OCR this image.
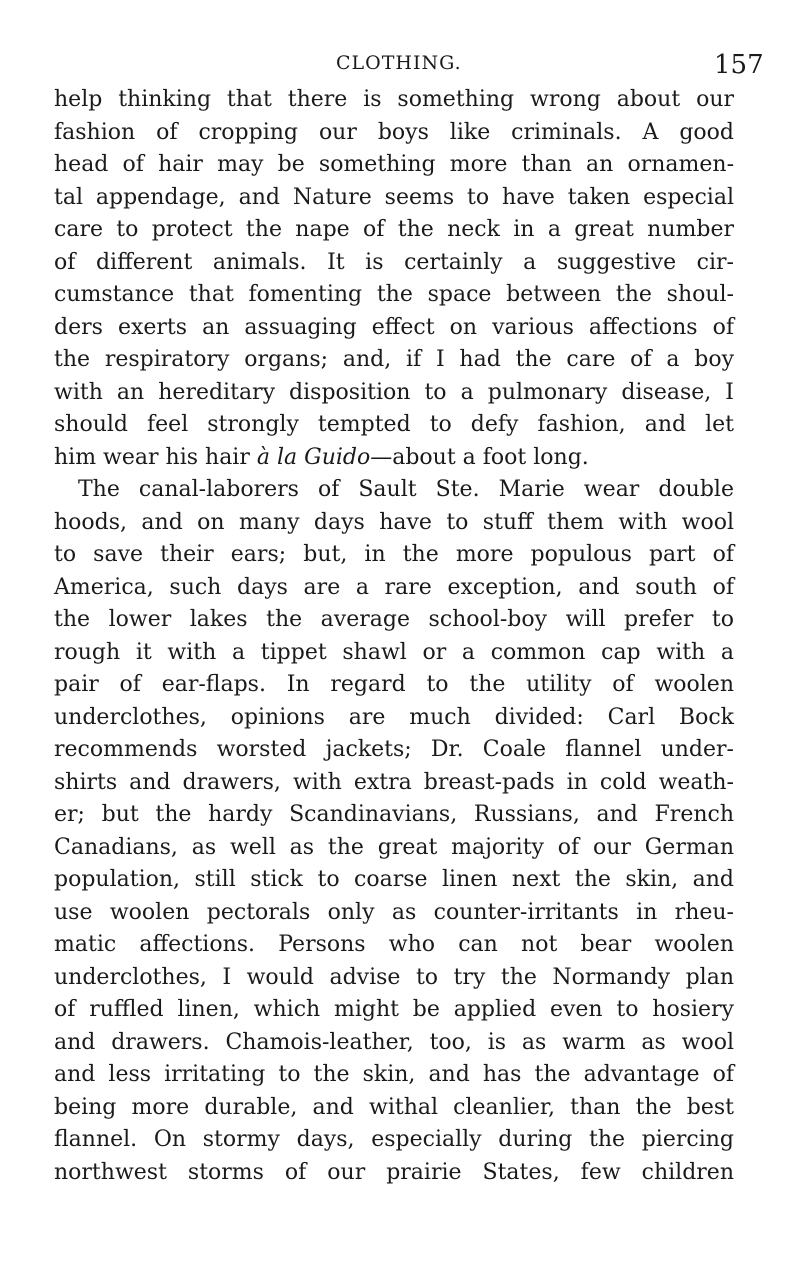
CLOTHING.	157
help thinking that there is something wrong about our
fashion of cropping our boys like criminals. A good
head of hair may be something more than an ornamen-
tal appendage, and Nature seems to have taken especial
care to protect the nape of the neck in a great number
of different animals. It is certainly a suggestive cir-
cumstance that fomenting the space between the shoul-
ders exerts an assuaging effect on various affections of
the respiratory organs; and, if I had the care of a boy
with an hereditary disposition to a pulmonary disease, I
should feel strongly tempted to defy fashion, and let
him wear his hair à la Guido—about a foot long.
The canal-laborers of Sault Ste. Marie wear double
hoods, and on many days have to stuff them with wool
to save their ears; but, in the more populous part of
America, such days are a rare exception, and south of
the lower lakes the average school-boy will prefer to
rough it with a tippet shawl or a common cap with a
pair of ear-flaps. In regard to the utility of woolen
underclothes, opinions are much divided: Carl Bock
recommends worsted jackets; Dr. Coale flannel under-
shirts and drawers, with extra breast-pads in cold weath-
er; but the hardy Scandinavians, Russians, and French
Canadians, as well as the great majority of our German
population, still stick to coarse linen next the skin, and
use woolen pectorals only as counter-irritants in rheu-
matic affections. Persons who can not bear woolen
underclothes, I would advise to try the Normandy plan
of ruffled linen, which might be applied even to hosiery
and drawers. Chamois-leather, too, is as warm as wool
and less irritating to the skin, and has the advantage of
being more durable, and withal cleanlier, than the best
flannel. On stormy days, especially during the piercing
northwest storms of our prairie States, few children
